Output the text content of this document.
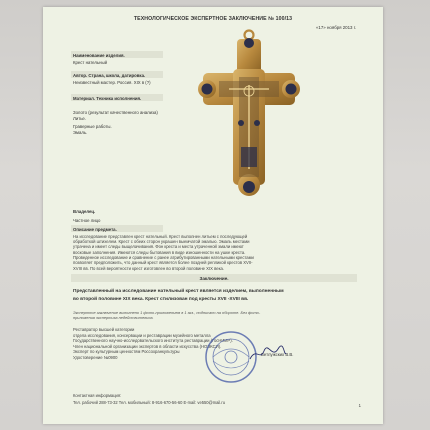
ТЕХНОЛОГИЧЕСКОЕ ЭКСПЕРТНОЕ ЗАКЛЮЧЕНИЕ № 100/13
«17» ноября 2013 г.
Наименование изделия.
Крест нательный
Автор. Страна, школа, датировка.
Неизвестный мастер. Россия. XIX в (?)
Материал. Техника исполнения.
Золото (результат качественного анализа)
Литье.
Граверные работы.
Эмаль.
Владелец.
Частное лицо
Описание предмета.
На исследование представлен крест нательный. Крест выполнен литьем с последующей
обработкой штихелем. Крест с обеих сторон украшен выемчатой эмалью. Эмаль местами
утрачена и имеет следы выщелачивания. Фон креста и места утраченной эмали имеют
восковые заполнения. Имеются следы бытования в виде изношенности на ушке креста.
Проведенное исследование и сравнение с ранее атрибутированными нательными крестами
позволяет предположить, что данный крест является более поздней репликой крестов XVII-
XVIII вв. По всей вероятности крест изготовлен во второй половине XIX века.
Заключение.
Представленный на исследование нательный крест является изделием, выполненным
во второй половине XIX века. Крест стилизован под кресты XVII -XVIII вв.
Экспертное заключение выполнено 1 фото-приложением в 1 экз., подписано на обороте. Без фото-
приложения экспертиза недействительна.
Реставратор высшей категории
отдела исследования, консервации и реставрации музейного металла
Государственного научно-исследовательского института реставрации (ГосНИИР).
Член национальной организации экспертов в области искусства (НОЭКСИ).
Эксперт по культурным ценностям Россохранкультуры
Удостоверение №0900
Ветлужских В.В.
Контактная информация:
Тел. рабочий 288-73-32 Тел. мобильный: 8-916-670-56-60 E-mail: ve550@mail.ru
1
